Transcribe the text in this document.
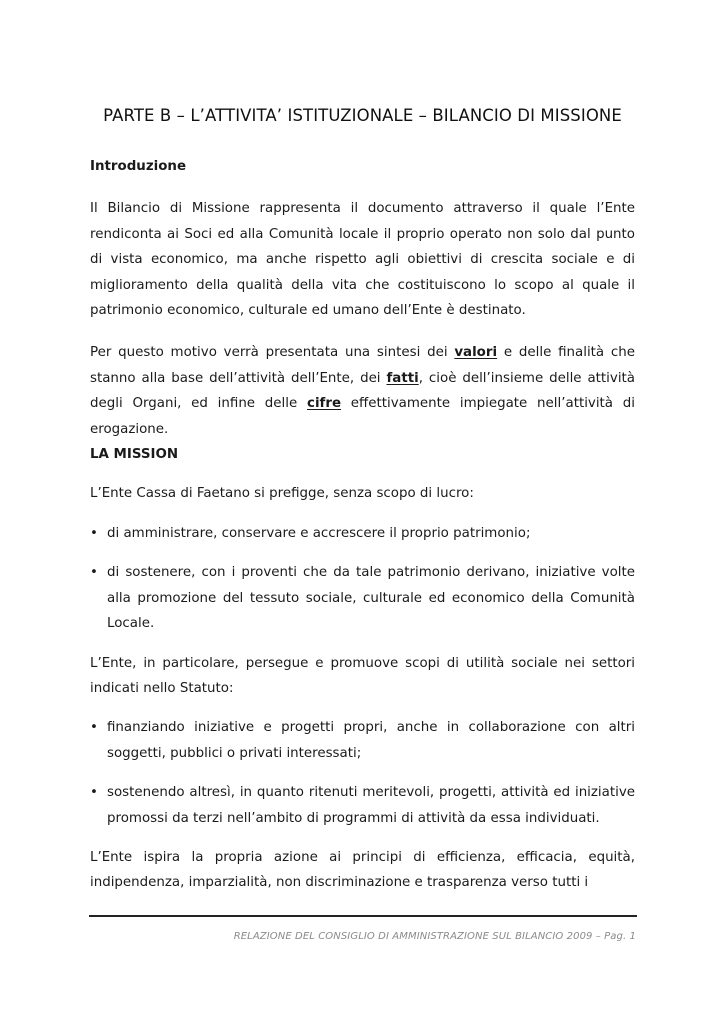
PARTE B – L’ATTIVITA’ ISTITUZIONALE – BILANCIO DI MISSIONE

Introduzione

Il Bilancio di Missione rappresenta il documento attraverso il quale l’Ente rendiconta ai Soci ed alla Comunità locale il proprio operato non solo dal punto di vista economico, ma anche rispetto agli obiettivi di crescita sociale e di miglioramento della qualità della vita che costituiscono lo scopo al quale il patrimonio economico, culturale ed umano dell’Ente è destinato.

Per questo motivo verrà presentata una sintesi dei valori e delle finalità che stanno alla base dell’attività dell’Ente, dei fatti, cioè dell’insieme delle attività degli Organi, ed infine delle cifre effettivamente impiegate nell’attività di erogazione.

LA MISSION

L’Ente Cassa di Faetano si prefigge, senza scopo di lucro:

• di amministrare, conservare e accrescere il proprio patrimonio;
• di sostenere, con i proventi che da tale patrimonio derivano, iniziative volte alla promozione del tessuto sociale, culturale ed economico della Comunità Locale.

L’Ente, in particolare, persegue e promuove scopi di utilità sociale nei settori indicati nello Statuto:

• finanziando iniziative e progetti propri, anche in collaborazione con altri soggetti, pubblici o privati interessati;
• sostenendo altresì, in quanto ritenuti meritevoli, progetti, attività ed iniziative promossi da terzi nell’ambito di programmi di attività da essa individuati.

L’Ente ispira la propria azione ai principi di efficienza, efficacia, equità, indipendenza, imparzialità, non discriminazione e trasparenza verso tutti i

RELAZIONE DEL CONSIGLIO DI AMMINISTRAZIONE SUL BILANCIO 2009 – Pag. 1
